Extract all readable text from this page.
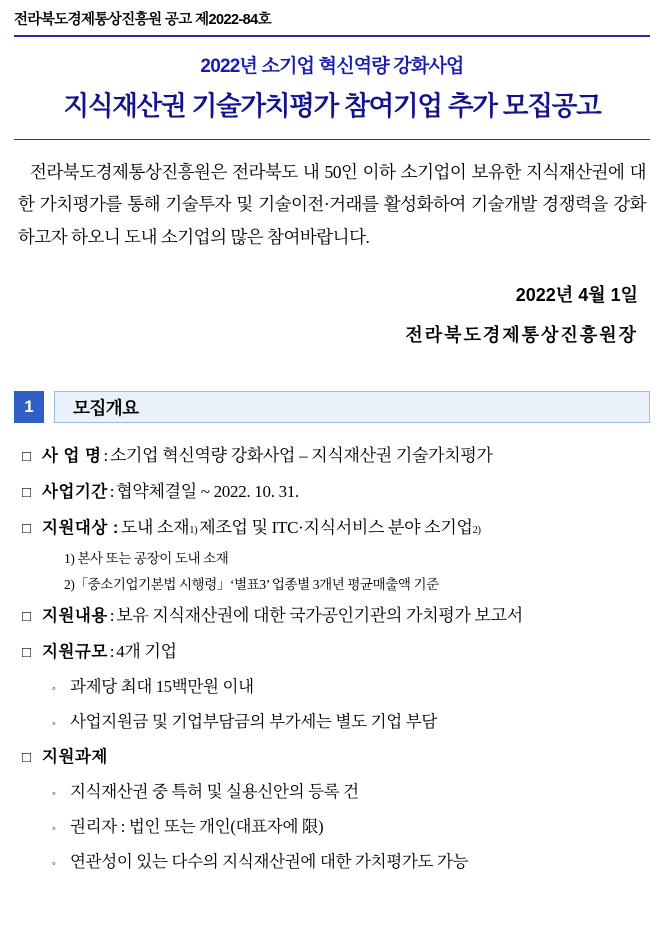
전라북도경제통상진흥원 공고 제2022-84호
2022년 소기업 혁신역량 강화사업
지식재산권 기술가치평가 참여기업 추가 모집공고
전라북도경제통상진흥원은 전라북도 내 50인 이하 소기업이 보유한 지식재산권에 대한 가치평가를 통해 기술투자 및 기술이전·거래를 활성화하여 기술개발 경쟁력을 강화하고자 하오니 도내 소기업의 많은 참여바랍니다.
2022년 4월 1일
전라북도경제통상진흥원장
1	모집개요
□ 사 업 명 : 소기업 혁신역량 강화사업 – 지식재산권 기술가치평가
□ 사업기간 : 협약체결일 ~ 2022. 10. 31.
□ 지원대상 : 도내 소재 1) 제조업 및 ITC·지식서비스 분야 소기업 2)
1) 본사 또는 공장이 도내 소재
2)「중소기업기본법 시행령」‘별표3’ 업종별 3개년 평균매출액 기준
□ 지원내용 : 보유 지식재산권에 대한 국가공인기관의 가치평가 보고서
□ 지원규모 : 4개 기업
◦ 과제당 최대 15백만원 이내
◦ 사업지원금 및 기업부담금의 부가세는 별도 기업 부담
□ 지원과제
◦ 지식재산권 중 특허 및 실용신안의 등록 건
◦ 권리자 : 법인 또는 개인(대표자에 限)
◦ 연관성이 있는 다수의 지식재산권에 대한 가치평가도 가능
